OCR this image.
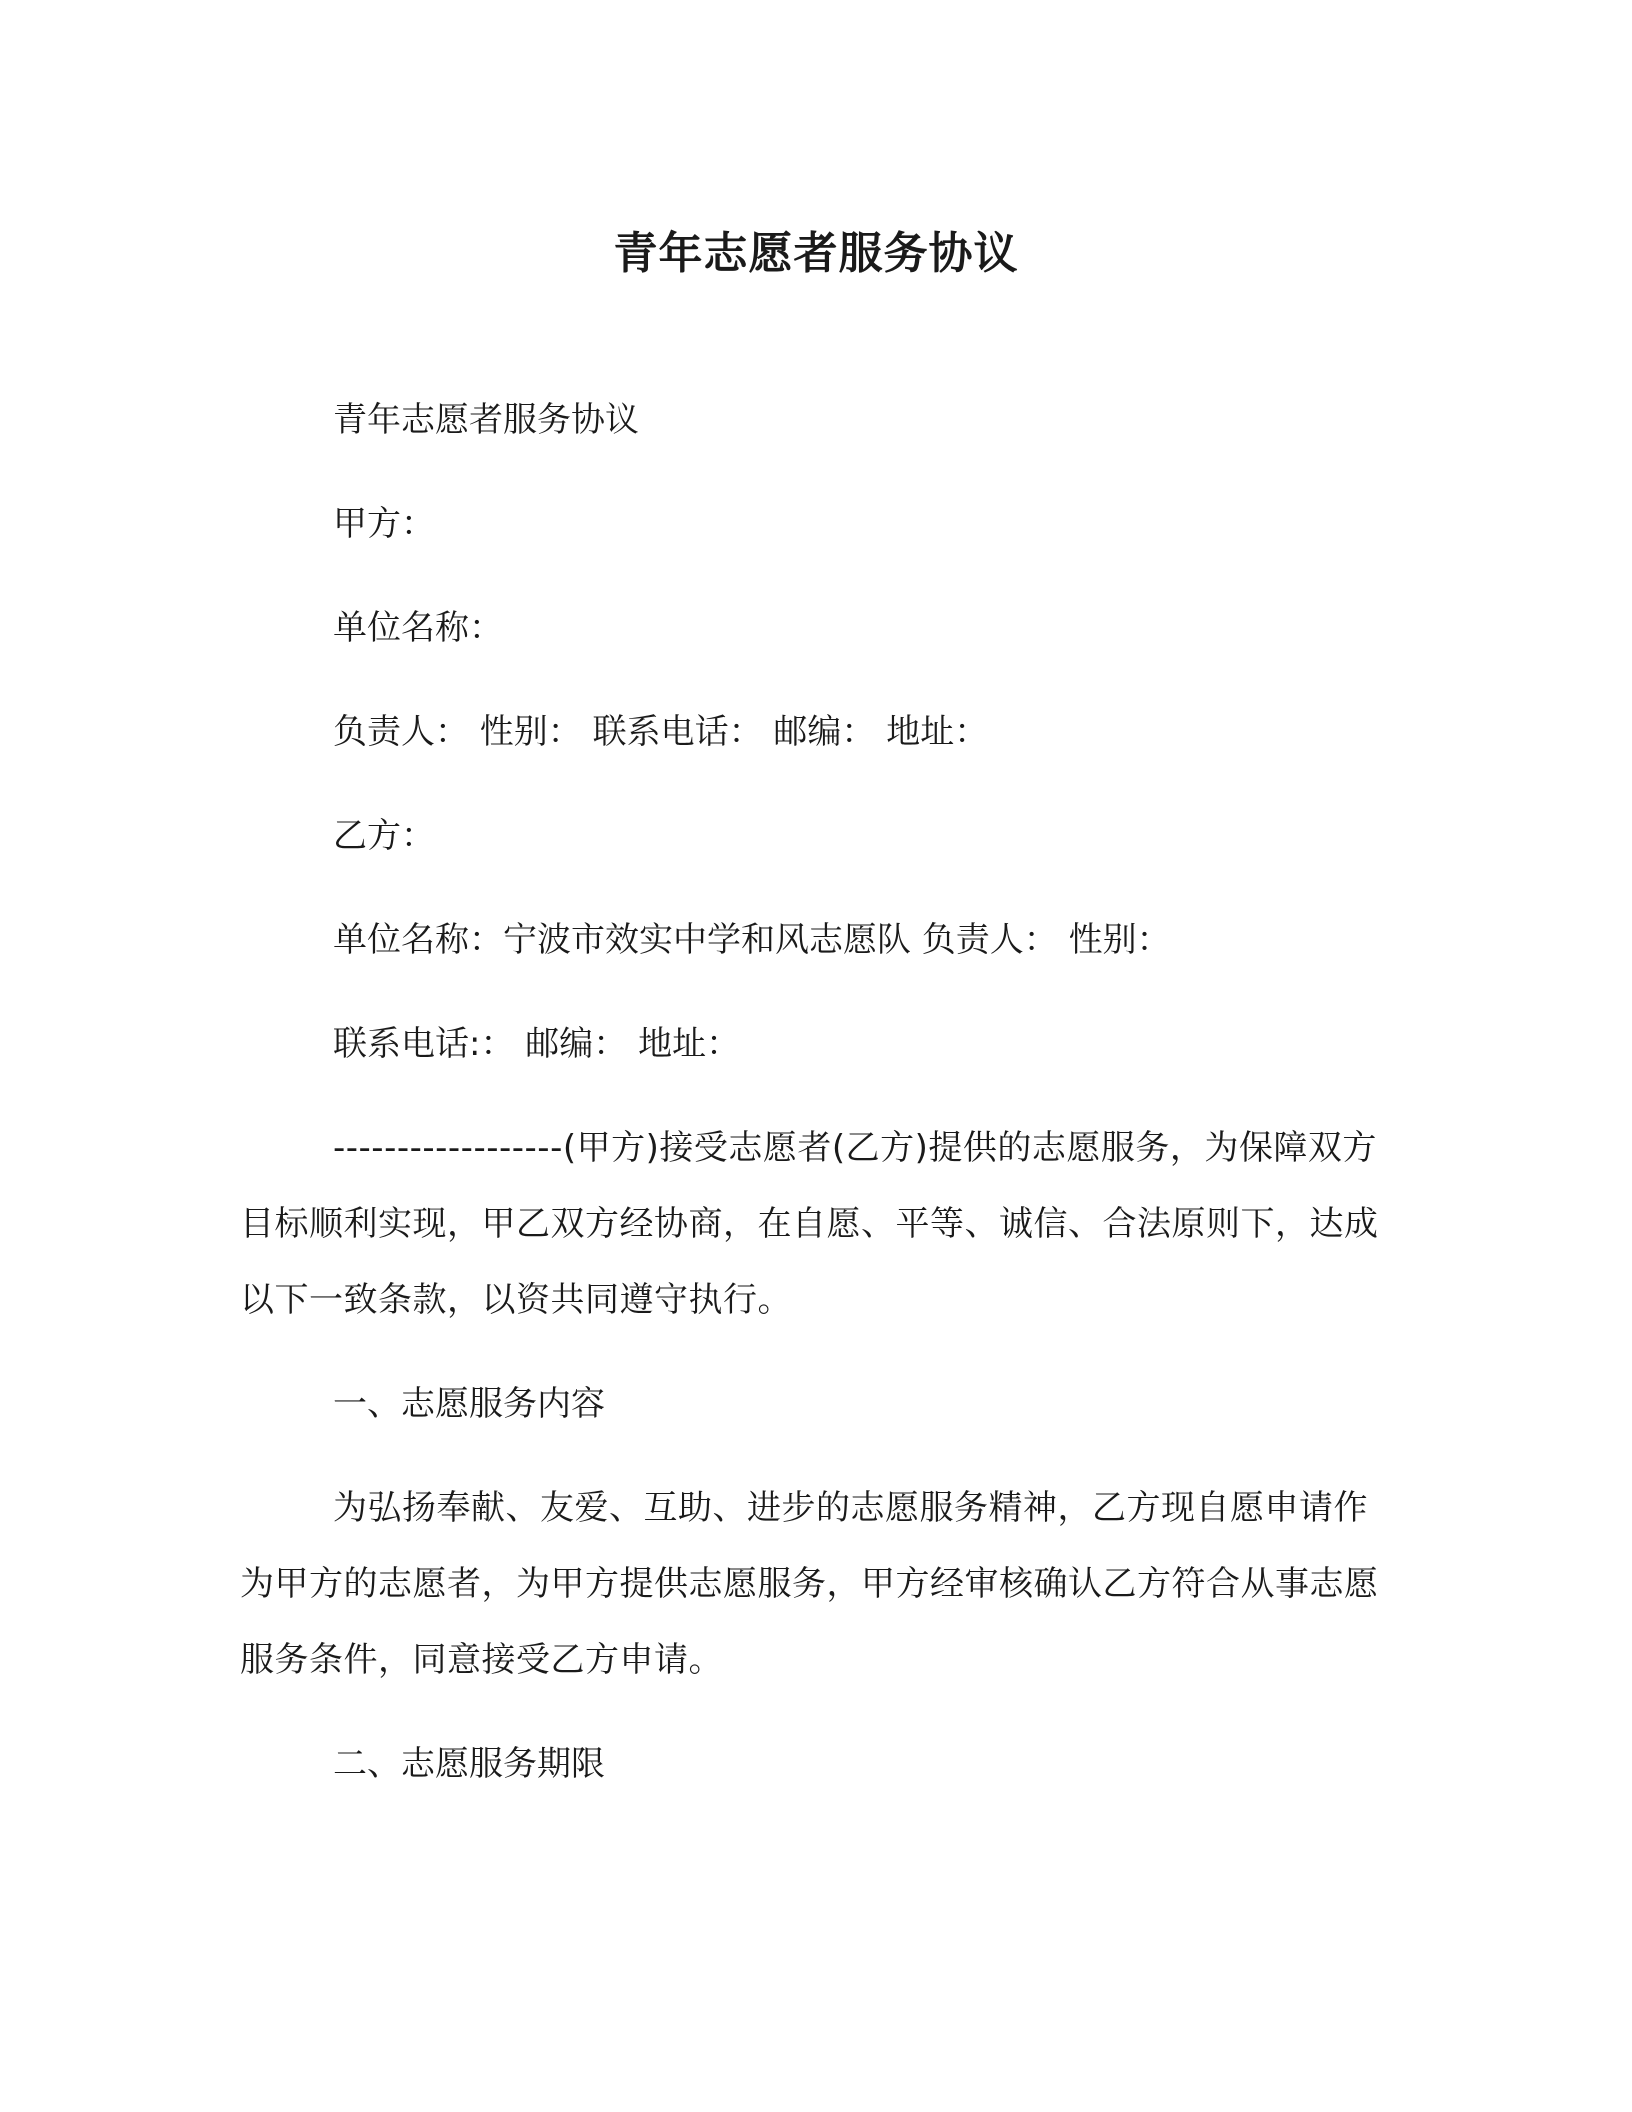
青年志愿者服务协议
青年志愿者服务协议
甲方：
单位名称：
负责人： 性别： 联系电话： 邮编： 地址：
乙方：
单位名称：宁波市效实中学和风志愿队 负责人： 性别：
联系电话:： 邮编： 地址：
------------------(甲方)接受志愿者(乙方)提供的志愿服务，为保障双方目标顺利实现，甲乙双方经协商，在自愿、平等、诚信、合法原则下，达成以下一致条款，以资共同遵守执行。
一、志愿服务内容
为弘扬奉献、友爱、互助、进步的志愿服务精神，乙方现自愿申请作为甲方的志愿者，为甲方提供志愿服务，甲方经审核确认乙方符合从事志愿服务条件，同意接受乙方申请。
二、志愿服务期限
